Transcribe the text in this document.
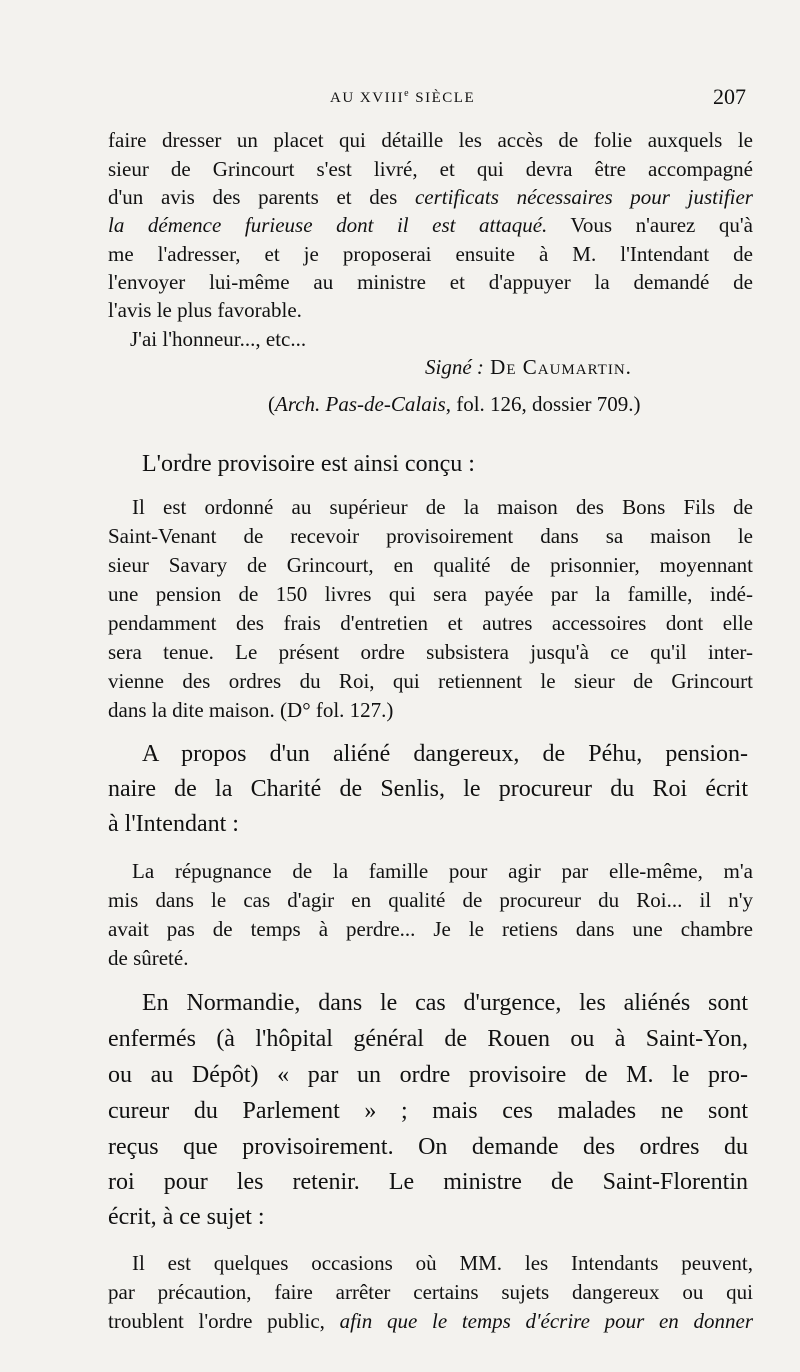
AU XVIIIe SIÈCLE	207
faire dresser un placet qui détaille les accès de folie auxquels le
sieur de Grincourt s'est livré, et qui devra être accompagné
d'un avis des parents et des certificats nécessaires pour justifier
la démence furieuse dont il est attaqué. Vous n'aurez qu'à
me l'adresser, et je proposerai ensuite à M. l'Intendant de
l'envoyer lui-même au ministre et d'appuyer la demandé de
l'avis le plus favorable.
J'ai l'honneur..., etc...
Signé : De Caumartin.
(Arch. Pas-de-Calais, fol. 126, dossier 709.)
L'ordre provisoire est ainsi conçu :
Il est ordonné au supérieur de la maison des Bons Fils de
Saint-Venant de recevoir provisoirement dans sa maison le
sieur Savary de Grincourt, en qualité de prisonnier, moyennant
une pension de 150 livres qui sera payée par la famille, indé-
pendamment des frais d'entretien et autres accessoires dont elle
sera tenue. Le présent ordre subsistera jusqu'à ce qu'il inter-
vienne des ordres du Roi, qui retiennent le sieur de Grincourt
dans la dite maison. (D° fol. 127.)
A propos d'un aliéné dangereux, de Péhu, pension-
naire de la Charité de Senlis, le procureur du Roi écrit
à l'Intendant :
La répugnance de la famille pour agir par elle-même, m'a
mis dans le cas d'agir en qualité de procureur du Roi... il n'y
avait pas de temps à perdre... Je le retiens dans une chambre
de sûreté.
En Normandie, dans le cas d'urgence, les aliénés sont
enfermés (à l'hôpital général de Rouen ou à Saint-Yon,
ou au Dépôt) « par un ordre provisoire de M. le pro-
cureur du Parlement » ; mais ces malades ne sont
reçus que provisoirement. On demande des ordres du
roi pour les retenir. Le ministre de Saint-Florentin
écrit, à ce sujet :
Il est quelques occasions où MM. les Intendants peuvent,
par précaution, faire arrêter certains sujets dangereux ou qui
troublent l'ordre public, afin que le temps d'écrire pour en donner
